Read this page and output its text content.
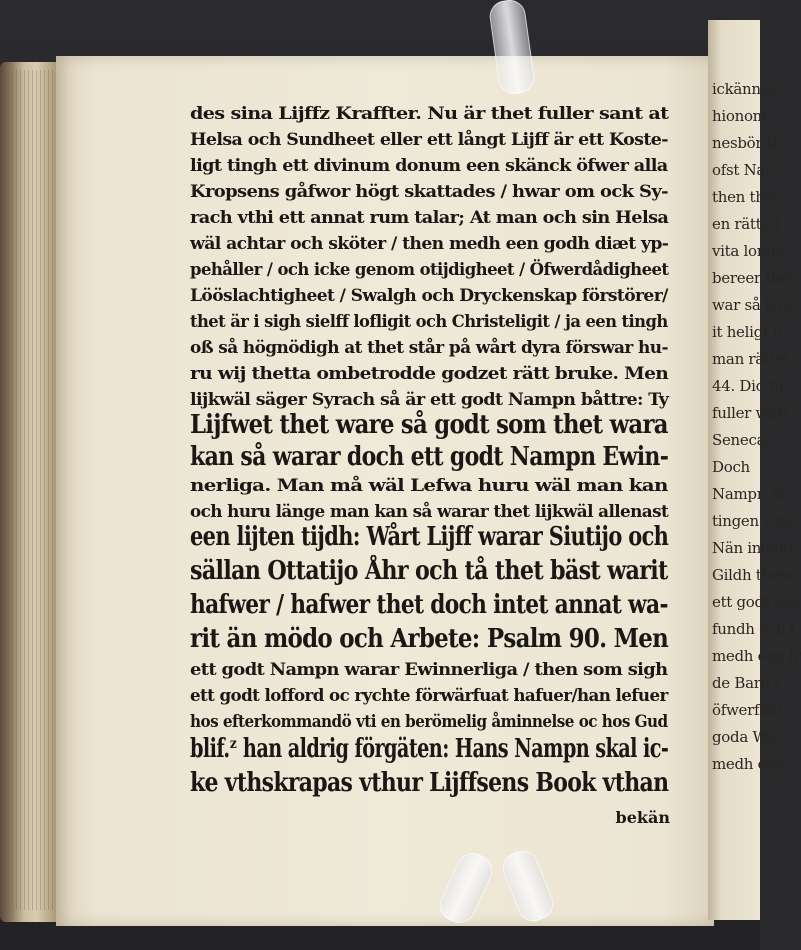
des sina Lijffz Kraffter. Nu är thet fuller sant at
Helsa och Sundheet eller ett långt Lijff är ett Koste-
ligt tingh ett divinum donum een skänck öfwer alla
Kropsens gåfwor högt skattades / hwar om ock Sy-
rach vthi ett annat rum talar; At man och sin Helsa
wäl achtar och sköter / then medh een godh diæt yp-
pehåller / och icke genom otijdigheet / Öfwerdådigheet
Lööslachtigheet / Swalgh och Dryckenskap förstörer/
thet är i sigh sielff lofligit och Christeligit / ja een tingh
oß så högnödigh at thet står på wårt dyra förswar hu-
ru wij thetta ombetrodde godzet rätt bruke. Men
lijkwäl säger Syrach så är ett godt Nampn båttre: Ty
Lijfwet thet ware så godt som thet wara
kan så warar doch ett godt Nampn Ewin-
nerliga. Man må wäl Lefwa huru wäl man kan
och huru länge man kan så warar thet lijkwäl allenast
een lijten tijdh: Wårt Lijff warar Siutijo och
sällan Ottatijo Åhr och tå thet bäst warit
hafwer / hafwer thet doch intet annat wa-
rit än mödo och Arbete: Psalm 90. Men
ett godt Nampn warar Ewinnerliga / then som sigh
ett godt lofford oc rychte förwärfuat hafuer/han lefuer
hos efterkommandö vti en berömelig åminnelse oc hos Gud
blif.ᶻ han aldrig förgäten: Hans Nampn skal ic-
ke vthskrapas vthur Lijffsens Book vthan
bekän
ickännas
hionom
nesbördh
ofst Nar
then thet
en rätteli
vita longa
bereer thet
war så lyck
it heligt o
man rättel
44. Dio fu
fuller wari
Seneca,
Doch
Nampn är
tingen icke
Nän ingalu
Gildh them
ett godt och
fundh och t
medh een fr
de Barn /
öfwerflöd
goda Wä
medh een
